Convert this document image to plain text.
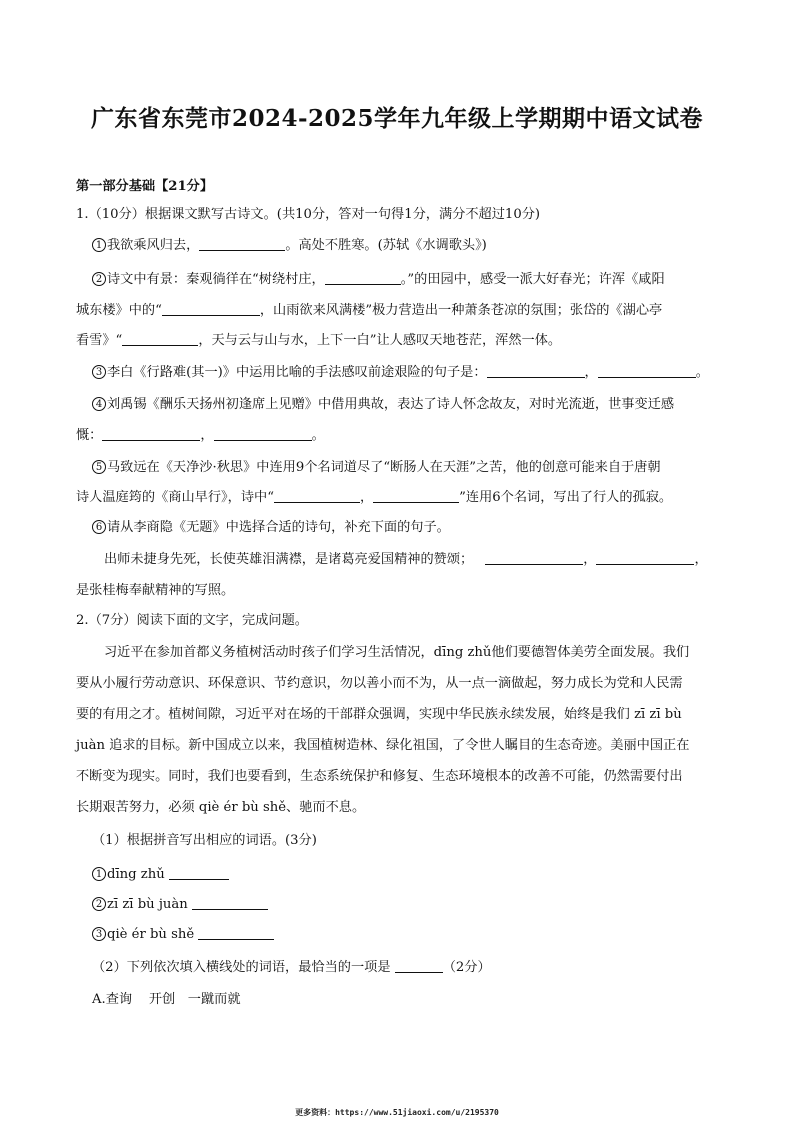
广东省东莞市2024-2025学年九年级上学期期中语文试卷
第一部分基础【21分】
1.（10分）根据课文默写古诗文。(共10分，答对一句得1分，满分不超过10分)
1 我欲乘风归去，	。高处不胜寒。(苏轼《水调歌头》)
2 诗文中有景：秦观徜徉在“树绕村庄，	。”的田园中，感受一派大好春光；许浑《咸阳
城东楼》中的“	，山雨欲来风满楼”极力营造出一种萧条苍凉的氛围；张岱的《湖心亭
看雪》“	，天与云与山与水，上下一白”让人感叹天地苍茫，浑然一体。
3 李白《行路难(其一)》中运用比喻的手法感叹前途艰险的句子是：	，	。
4 刘禹锡《酬乐天扬州初逢席上见赠》中借用典故，表达了诗人怀念故友，对时光流逝，世事变迁感
慨：	，	。
5 马致远在《天净沙·秋思》中连用9个名词道尽了“断肠人在天涯”之苦，他的创意可能来自于唐朝
诗人温庭筠的《商山早行》，诗中“	，	”连用6个名词，写出了行人的孤寂。
6 请从李商隐《无题》中选择合适的诗句，补充下面的句子。
出师未捷身先死，长使英雄泪满襟，是诸葛亮爱国精神的赞颂；	，	，
是张桂梅奉献精神的写照。
2.（7分）阅读下面的文字，完成问题。
习近平在参加首都义务植树活动时孩子们学习生活情况，dīng zhǔ他们要德智体美劳全面发展。我们
要从小履行劳动意识、环保意识、节约意识，勿以善小而不为，从一点一滴做起，努力成长为党和人民需
要的有用之才。植树间隙，习近平对在场的干部群众强调，实现中华民族永续发展，始终是我们 zī zī bù
juàn 追求的目标。新中国成立以来，我国植树造林、绿化祖国，了令世人瞩目的生态奇迹。美丽中国正在
不断变为现实。同时，我们也要看到，生态系统保护和修复、生态环境根本的改善不可能，仍然需要付出
长期艰苦努力，必须 qiè ér bù shě、驰而不息。
（1）根据拼音写出相应的词语。(3分)
1 dīng zhǔ
2 zī zī bù juàn
3 qiè ér bù shě
（2）下列依次填入横线处的词语，最恰当的一项是	（2分）
A.查询    开创   一蹴而就
更多资料：https://www.51jiaoxi.com/u/2195370
